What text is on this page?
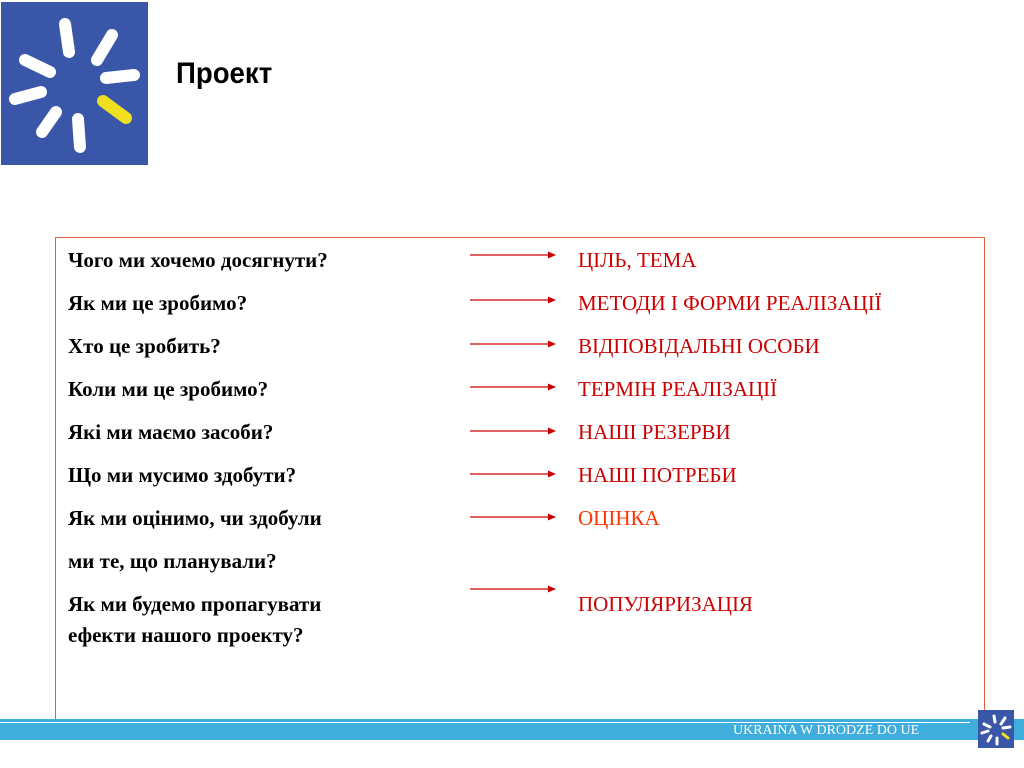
Проект
Чого ми хочемо досягнути?	ЦІЛЬ, ТЕМА
Як ми це зробимо?	МЕТОДИ І ФОРМИ РЕАЛІЗАЦІЇ
Хто це зробить?	ВІДПОВІДАЛЬНІ ОСОБИ
Коли ми це зробимо?	ТЕРМІН РЕАЛІЗАЦІЇ
Які ми маємо засоби?	НАШІ РЕЗЕРВИ
Що ми мусимо здобути?	НАШІ ПОТРЕБИ
Як ми оцінимо, чи здобули	ОЦІНКА
ми те, що планували?
Як ми будемо пропагувати	ПОПУЛЯРИЗАЦІЯ
ефекти нашого проекту?
UKRAINA W DRODZE DO UE
